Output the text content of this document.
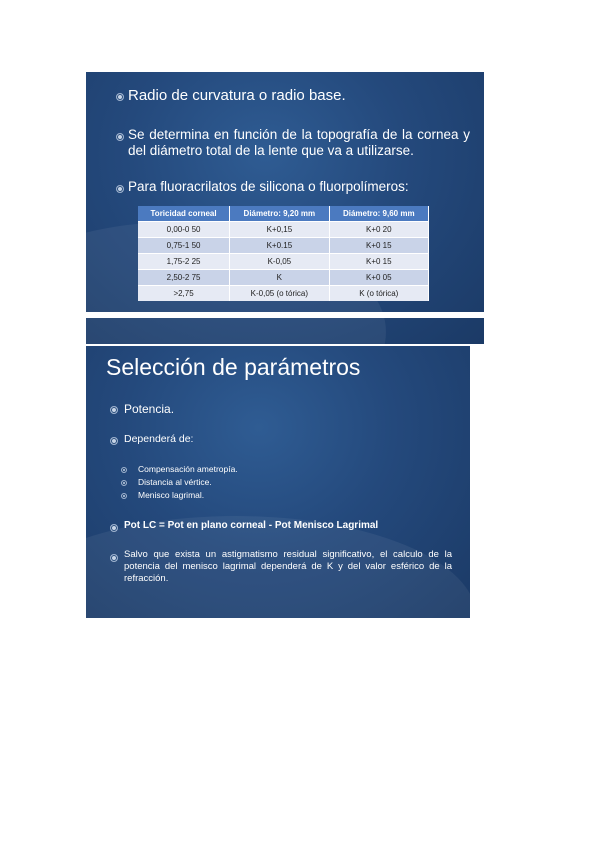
Radio de curvatura o radio base.
Se determina en función de la topografía de la cornea y del diámetro total de la lente que va a utilizarse.
Para fluoracrilatos de silicona o fluorpolímeros:
Toricidad corneal	Diámetro: 9,20 mm	Diámetro: 9,60 mm
0,00-0 50	K+0,15	K+0 20
0,75-1 50	K+0.15	K+0 15
1,75-2 25	K-0,05	K+0 15
2,50-2 75	K	K+0 05
>2,75	K-0,05 (o tórica)	K (o tórica)
Selección de parámetros
Potencia.
Dependerá de:
Compensación ametropía.
Distancia al vértice.
Menisco lagrimal.
Pot LC = Pot en plano corneal - Pot Menisco Lagrimal
Salvo que exista un astigmatismo residual significativo, el calculo de la potencia del menisco lagrimal dependerá de K y del valor esférico de la refracción.
